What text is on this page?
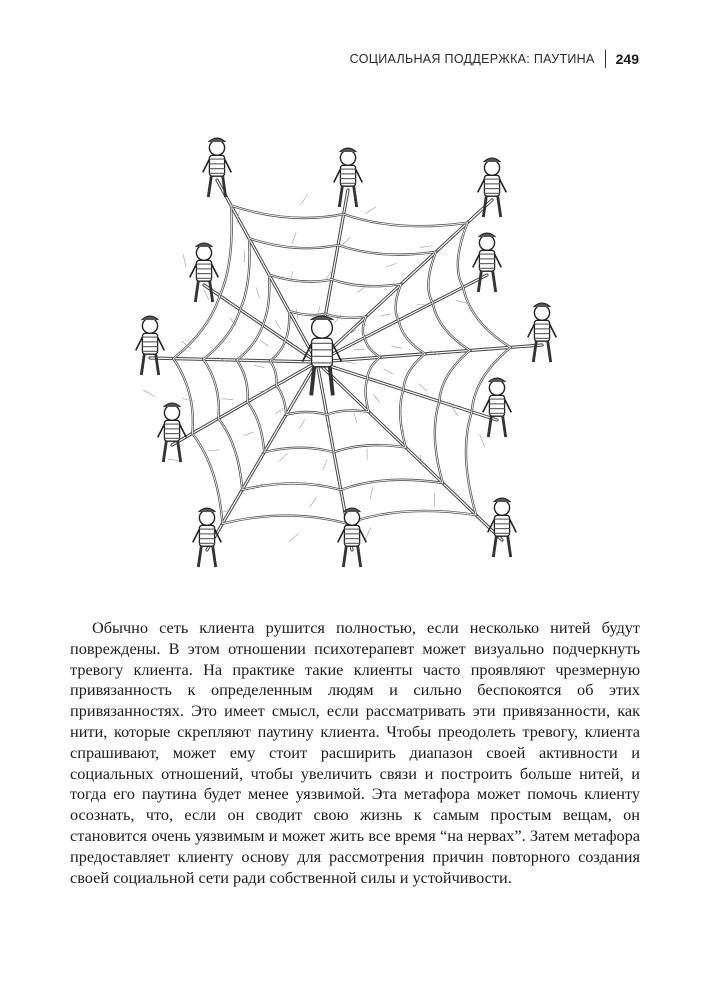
СОЦИАЛЬНАЯ ПОДДЕРЖКА: ПАУТИНА 249

Обычно сеть клиента рушится полностью, если несколько нитей будут повреждены. В этом отношении психотерапевт может визуально подчеркнуть тревогу клиента. На практике такие клиенты часто проявляют чрезмерную привязанность к определенным людям и сильно беспокоятся об этих привязанностях. Это имеет смысл, если рассматривать эти привязанности, как нити, которые скрепляют паутину клиента. Чтобы преодолеть тревогу, клиента спрашивают, может ему стоит расширить диапазон своей активности и социальных отношений, чтобы увеличить связи и построить больше нитей, и тогда его паутина будет менее уязвимой. Эта метафора может помочь клиенту осознать, что, если он сводит свою жизнь к самым простым вещам, он становится очень уязвимым и может жить все время “на нервах”. Затем метафора предоставляет клиенту основу для рассмотрения причин повторного создания своей социальной сети ради собственной силы и устойчивости.
